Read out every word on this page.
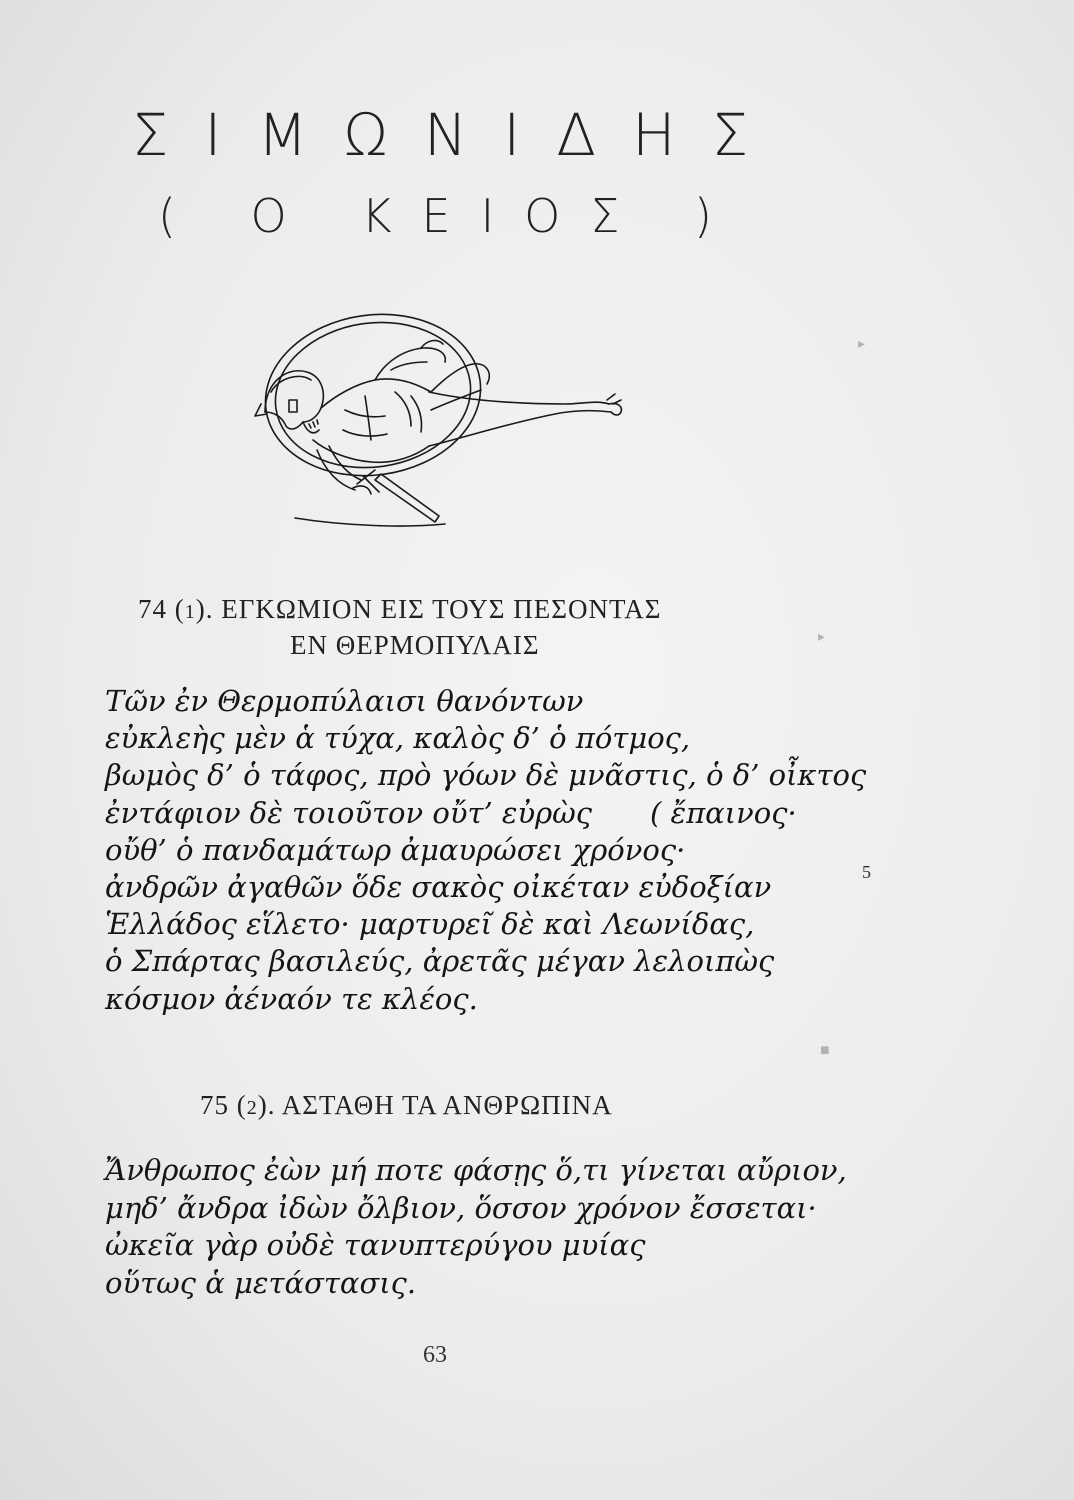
▸
▸
■
ΣΙΜΩΝΙΔΗΣ
( Ο ΚΕΙΟΣ )
74 (1). ΕΓΚΩΜΙΟΝ ΕΙΣ ΤΟΥΣ ΠΕΣΟΝΤΑΣ
ΕΝ ΘΕΡΜΟΠΥΛΑΙΣ
Τῶν ἐν Θερμοπύλαισι θανόντων
εὐκλεὴς μὲν ἁ τύχα, καλὸς δ’ ὁ πότμος,
βωμὸς δ’ ὁ τάφος, πρὸ γόων δὲ μνᾶστις, ὁ δ’ οἶκτος
ἐντάφιον δὲ τοιοῦτον οὔτ’ εὐρὼς ( ἔπαινος·
οὔθ’ ὁ πανδαμάτωρ ἀμαυρώσει χρόνος·
ἀνδρῶν ἀγαθῶν ὅδε σακὸς οἰκέταν εὐδοξίαν
Ἑλλάδος εἵλετο· μαρτυρεῖ δὲ καὶ Λεωνίδας,
ὁ Σπάρτας βασιλεύς, ἀρετᾶς μέγαν λελοιπὼς
κόσμον ἀέναόν τε κλέος.
5
75 (2). ΑΣΤΑΘΗ ΤΑ ΑΝΘΡΩΠΙΝΑ
Ἄνθρωπος ἐὼν μή ποτε φάσῃς ὅ,τι γίνεται αὔριον,
μηδ’ ἄνδρα ἰδὼν ὄλβιον, ὅσσον χρόνον ἔσσεται·
ὠκεῖα γὰρ οὐδὲ τανυπτερύγου μυίας
οὕτως ἁ μετάστασις.
63
